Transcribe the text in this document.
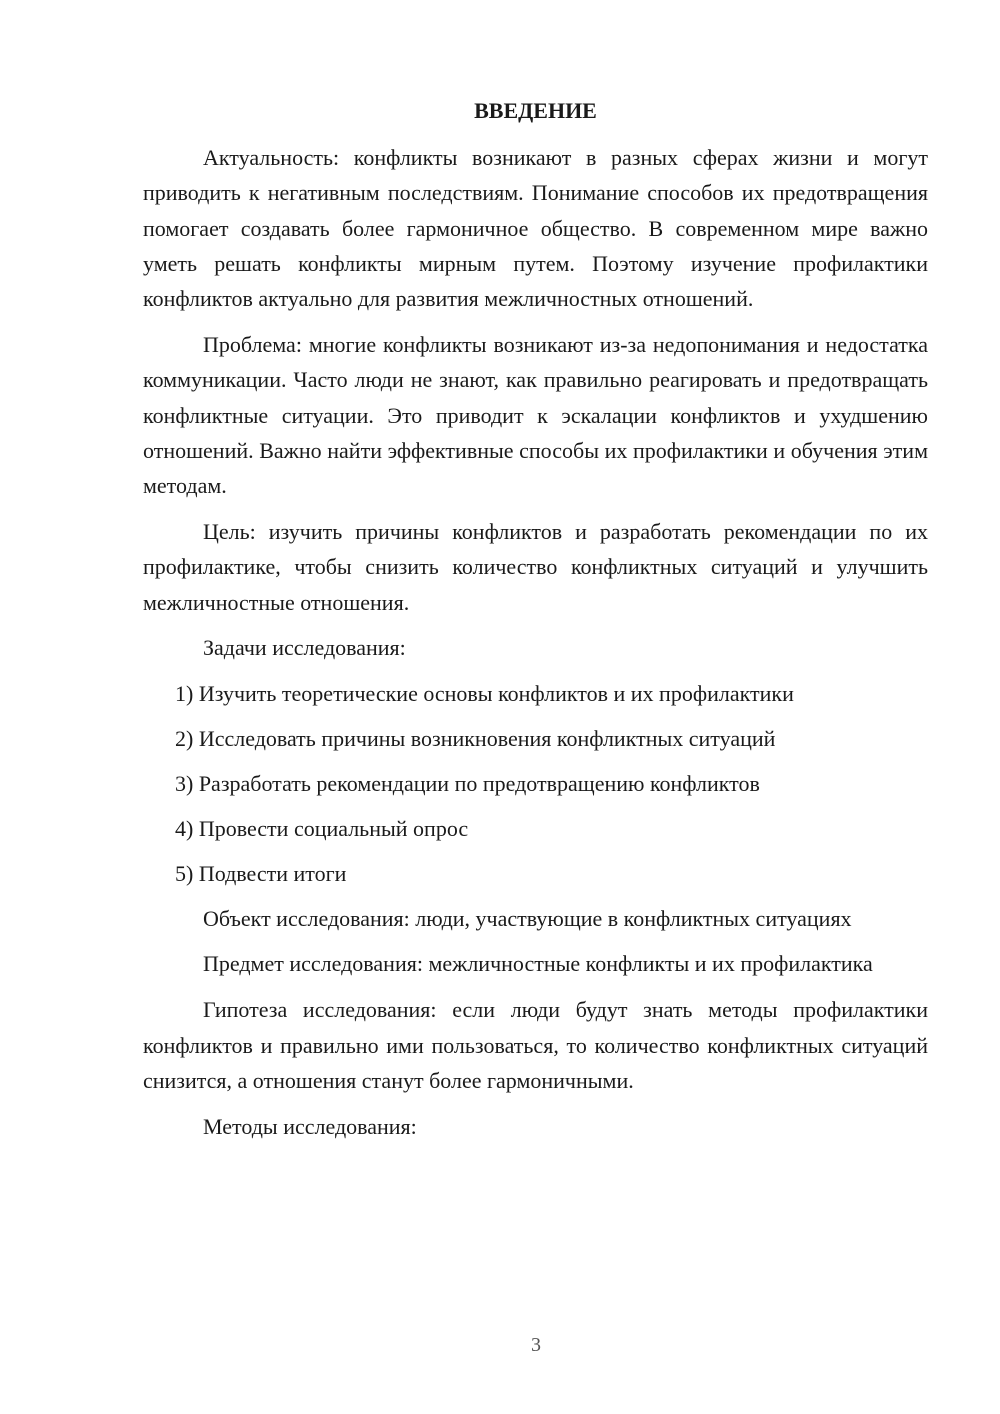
ВВЕДЕНИЕ

Актуальность: конфликты возникают в разных сферах жизни и могут приводить к негативным последствиям. Понимание способов их предотвращения помогает создавать более гармоничное общество. В современном мире важно уметь решать конфликты мирным путем. Поэтому изучение профилактики конфликтов актуально для развития межличностных отношений.

Проблема: многие конфликты возникают из-за недопонимания и недостатка коммуникации. Часто люди не знают, как правильно реагировать и предотвращать конфликтные ситуации. Это приводит к эскалации конфликтов и ухудшению отношений. Важно найти эффективные способы их профилактики и обучения этим методам.

Цель: изучить причины конфликтов и разработать рекомендации по их профилактике, чтобы снизить количество конфликтных ситуаций и улучшить межличностные отношения.

Задачи исследования:

1) Изучить теоретические основы конфликтов и их профилактики
2) Исследовать причины возникновения конфликтных ситуаций
3) Разработать рекомендации по предотвращению конфликтов
4) Провести социальный опрос
5) Подвести итоги

Объект исследования: люди, участвующие в конфликтных ситуациях

Предмет исследования: межличностные конфликты и их профилактика

Гипотеза исследования: если люди будут знать методы профилактики конфликтов и правильно ими пользоваться, то количество конфликтных ситуаций снизится, а отношения станут более гармоничными.

Методы исследования:

3
